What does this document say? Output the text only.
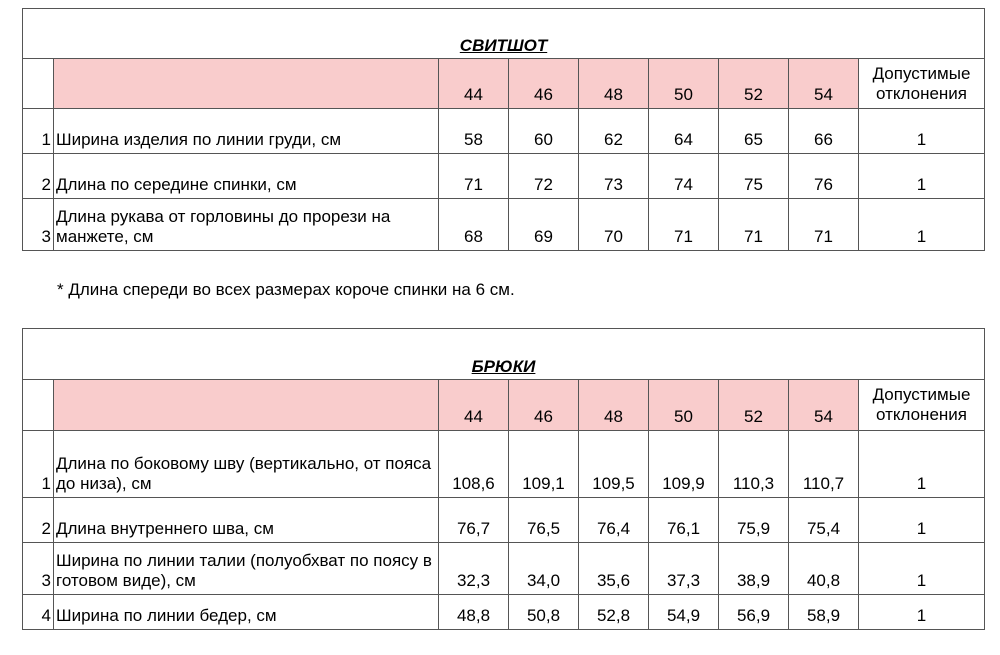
СВИТШОТ								
		44	46	48	50	52	54	Допустимые отклонения
1	Ширина изделия по линии груди, см	58	60	62	64	65	66	1
2	Длина по середине спинки, см	71	72	73	74	75	76	1
3	Длина рукава от горловины до прорези на манжете, см	68	69	70	71	71	71	1
* Длина спереди во всех размерах короче спинки на 6 см.
БРЮКИ								
		44	46	48	50	52	54	Допустимые отклонения
1	Длина по боковому шву (вертикально, от пояса до низа), см	108,6	109,1	109,5	109,9	110,3	110,7	1
2	Длина внутреннего шва, см	76,7	76,5	76,4	76,1	75,9	75,4	1
3	Ширина по линии талии (полуобхват по поясу в готовом виде), см	32,3	34,0	35,6	37,3	38,9	40,8	1
4	Ширина по линии бедер, см	48,8	50,8	52,8	54,9	56,9	58,9	1
